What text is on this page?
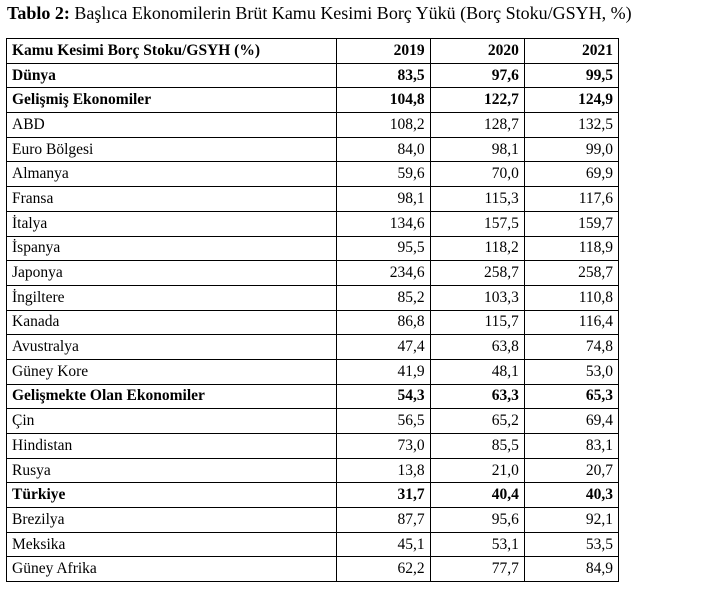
Tablo 2: Başlıca Ekonomilerin Brüt Kamu Kesimi Borç Yükü (Borç Stoku/GSYH, %)
Kamu Kesimi Borç Stoku/GSYH (%)	2019	2020	2021
Dünya	83,5	97,6	99,5
Gelişmiş Ekonomiler	104,8	122,7	124,9
ABD	108,2	128,7	132,5
Euro Bölgesi	84,0	98,1	99,0
Almanya	59,6	70,0	69,9
Fransa	98,1	115,3	117,6
İtalya	134,6	157,5	159,7
İspanya	95,5	118,2	118,9
Japonya	234,6	258,7	258,7
İngiltere	85,2	103,3	110,8
Kanada	86,8	115,7	116,4
Avustralya	47,4	63,8	74,8
Güney Kore	41,9	48,1	53,0
Gelişmekte Olan Ekonomiler	54,3	63,3	65,3
Çin	56,5	65,2	69,4
Hindistan	73,0	85,5	83,1
Rusya	13,8	21,0	20,7
Türkiye	31,7	40,4	40,3
Brezilya	87,7	95,6	92,1
Meksika	45,1	53,1	53,5
Güney Afrika	62,2	77,7	84,9
